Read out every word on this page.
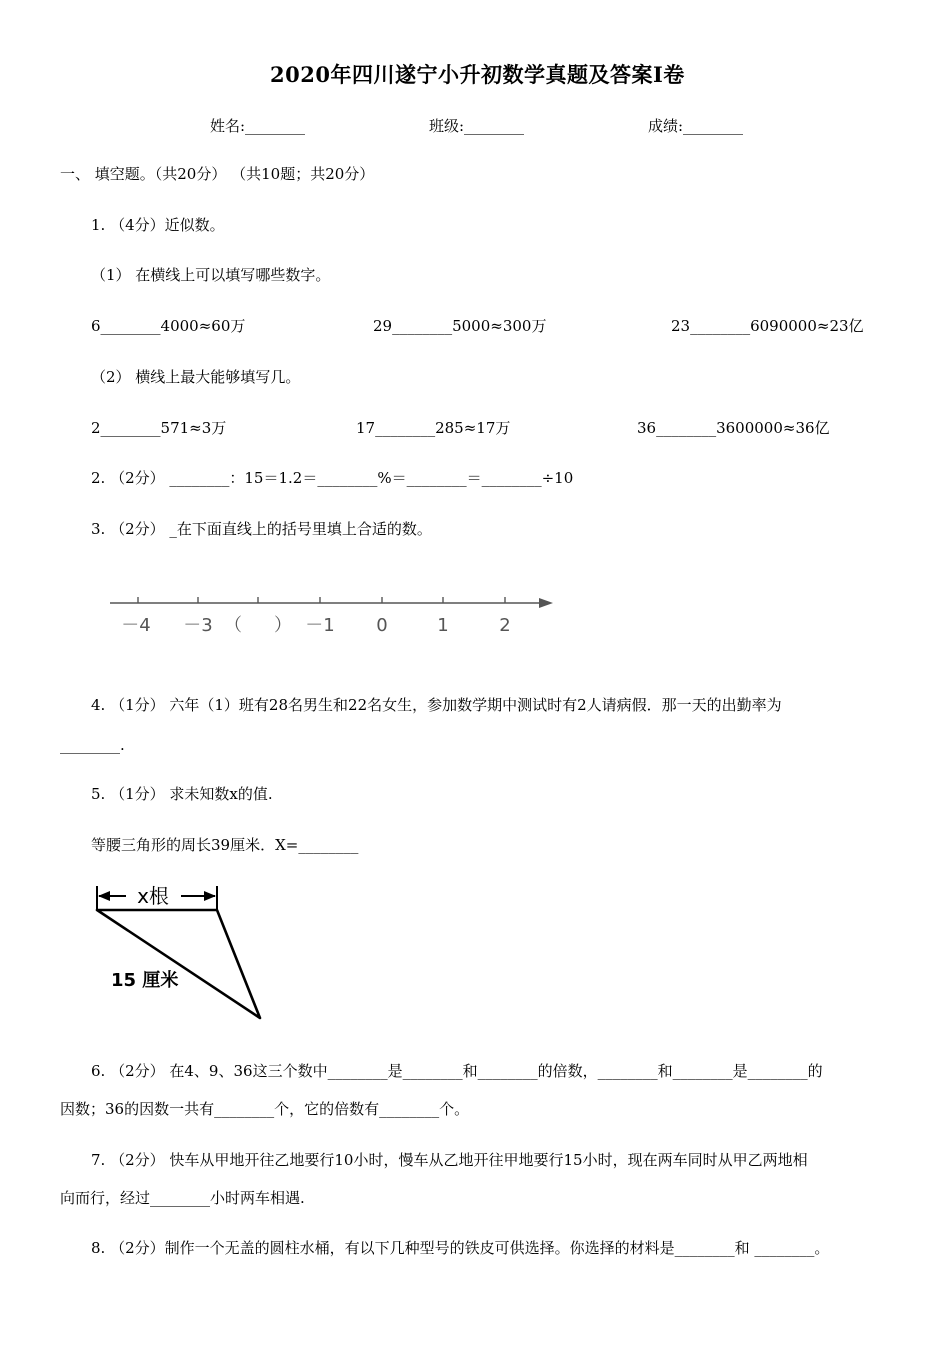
2020年四川遂宁小升初数学真题及答案Ⅰ卷
姓名:________	班级:________	成绩:________
一、 填空题。（共20分） （共10题；共20分）
1. （4分）近似数。
（1） 在横线上可以填写哪些数字。
6________4000≈60万	29________5000≈300万	23________6090000≈23亿
（2） 横线上最大能够填写几。
2________571≈3万	17________285≈17万	36________3600000≈36亿
2. （2分） ________：15＝1.2＝________%＝________＝________÷10
3. （2分） _在下面直线上的括号里填上合适的数。
－4 －3 （ ） －1 0	1	2
4. （1分） 六年（1）班有28名男生和22名女生，参加数学期中测试时有2人请病假．那一天的出勤率为
________.
5. （1分） 求未知数x的值.
等腰三角形的周长39厘米．X=________
x根
15 厘米
6. （2分） 在4、9、36这三个数中________是________和________的倍数，________和________是________的
因数；36的因数一共有________个，它的倍数有________个。
7. （2分） 快车从甲地开往乙地要行10小时，慢车从乙地开往甲地要行15小时，现在两车同时从甲乙两地相
向而行，经过________小时两车相遇.
8. （2分）制作一个无盖的圆柱水桶，有以下几种型号的铁皮可供选择。你选择的材料是________和 ________。
